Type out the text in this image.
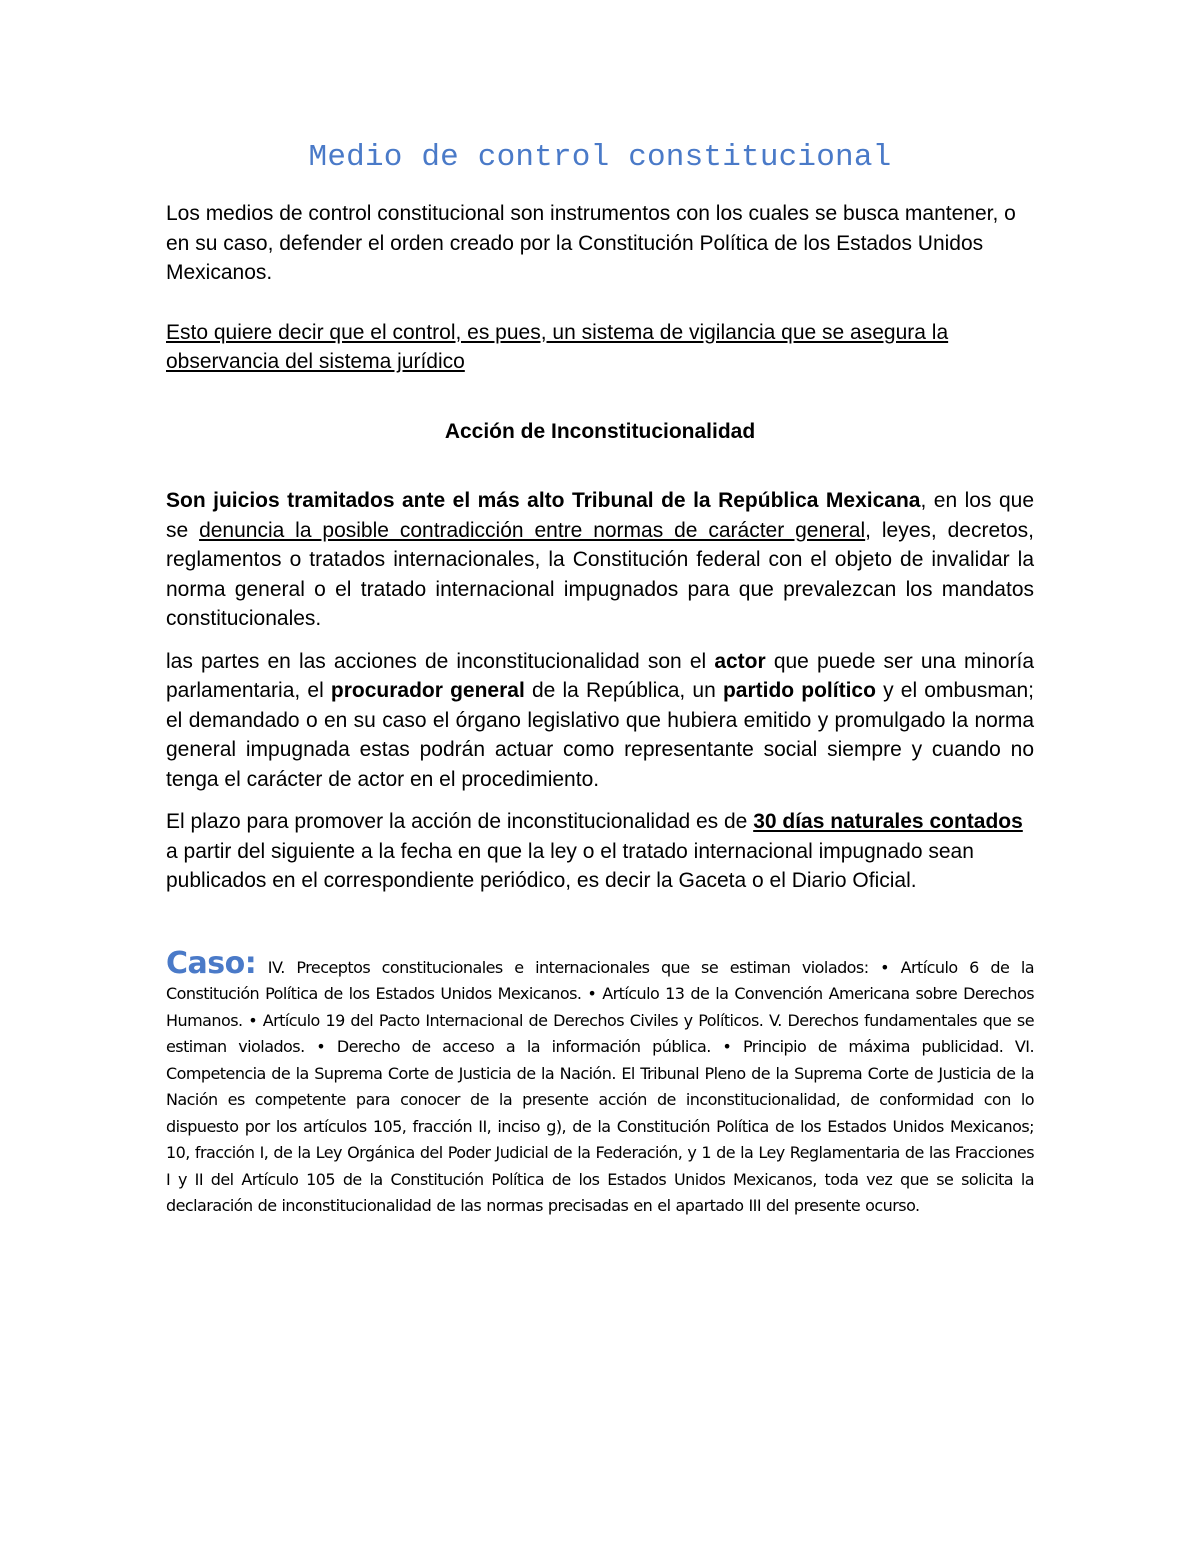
Medio de control constitucional

Los medios de control constitucional son instrumentos con los cuales se busca mantener, o en su caso, defender el orden creado por la Constitución Política de los Estados Unidos Mexicanos.

Esto quiere decir que el control, es pues, un sistema de vigilancia que se asegura la observancia del sistema jurídico

Acción de Inconstitucionalidad

Son juicios tramitados ante el más alto Tribunal de la República Mexicana, en los que se denuncia la posible contradicción entre normas de carácter general, leyes, decretos, reglamentos o tratados internacionales, la Constitución federal con el objeto de invalidar la norma general o el tratado internacional impugnados para que prevalezcan los mandatos constitucionales.

las partes en las acciones de inconstitucionalidad son el actor que puede ser una minoría parlamentaria, el procurador general de la República, un partido político y el ombusman; el demandado o en su caso el órgano legislativo que hubiera emitido y promulgado la norma general impugnada estas podrán actuar como representante social siempre y cuando no tenga el carácter de actor en el procedimiento.

El plazo para promover la acción de inconstitucionalidad es de 30 días naturales contados a partir del siguiente a la fecha en que la ley o el tratado internacional impugnado sean publicados en el correspondiente periódico, es decir la Gaceta o el Diario Oficial.

Caso: IV. Preceptos constitucionales e internacionales que se estiman violados: • Artículo 6 de la Constitución Política de los Estados Unidos Mexicanos. • Artículo 13 de la Convención Americana sobre Derechos Humanos. • Artículo 19 del Pacto Internacional de Derechos Civiles y Políticos. V. Derechos fundamentales que se estiman violados. • Derecho de acceso a la información pública. • Principio de máxima publicidad. VI. Competencia de la Suprema Corte de Justicia de la Nación. El Tribunal Pleno de la Suprema Corte de Justicia de la Nación es competente para conocer de la presente acción de inconstitucionalidad, de conformidad con lo dispuesto por los artículos 105, fracción II, inciso g), de la Constitución Política de los Estados Unidos Mexicanos; 10, fracción I, de la Ley Orgánica del Poder Judicial de la Federación, y 1 de la Ley Reglamentaria de las Fracciones I y II del Artículo 105 de la Constitución Política de los Estados Unidos Mexicanos, toda vez que se solicita la declaración de inconstitucionalidad de las normas precisadas en el apartado III del presente ocurso.
